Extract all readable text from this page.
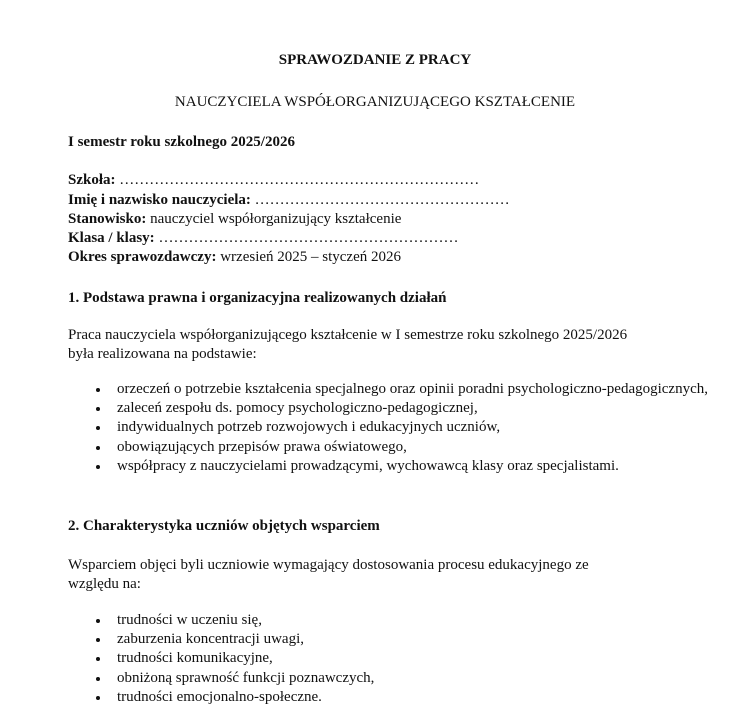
SPRAWOZDANIE Z PRACY
NAUCZYCIELA WSPÓŁORGANIZUJĄCEGO KSZTAŁCENIE

I semestr roku szkolnego 2025/2026

Szkoła: ………………………………………………………………

Imię i nazwisko nauczyciela: ……………………………………………

Stanowisko: nauczyciel współorganizujący kształcenie

Klasa / klasy: ……………………………………………………

Okres sprawozdawczy: wrzesień 2025 – styczeń 2026

1. Podstawa prawna i organizacyjna realizowanych działań

Praca nauczyciela współorganizującego kształcenie w I semestrze roku szkolnego 2025/2026

była realizowana na podstawie:

orzeczeń o potrzebie kształcenia specjalnego oraz opinii poradni psychologiczno-pedagogicznych,
zaleceń zespołu ds. pomocy psychologiczno-pedagogicznej,
indywidualnych potrzeb rozwojowych i edukacyjnych uczniów,
obowiązujących przepisów prawa oświatowego,
współpracy z nauczycielami prowadzącymi, wychowawcą klasy oraz specjalistami.

2. Charakterystyka uczniów objętych wsparciem

Wsparciem objęci byli uczniowie wymagający dostosowania procesu edukacyjnego ze

względu na:

trudności w uczeniu się,
zaburzenia koncentracji uwagi,
trudności komunikacyjne,
obniżoną sprawność funkcji poznawczych,
trudności emocjonalno-społeczne.
